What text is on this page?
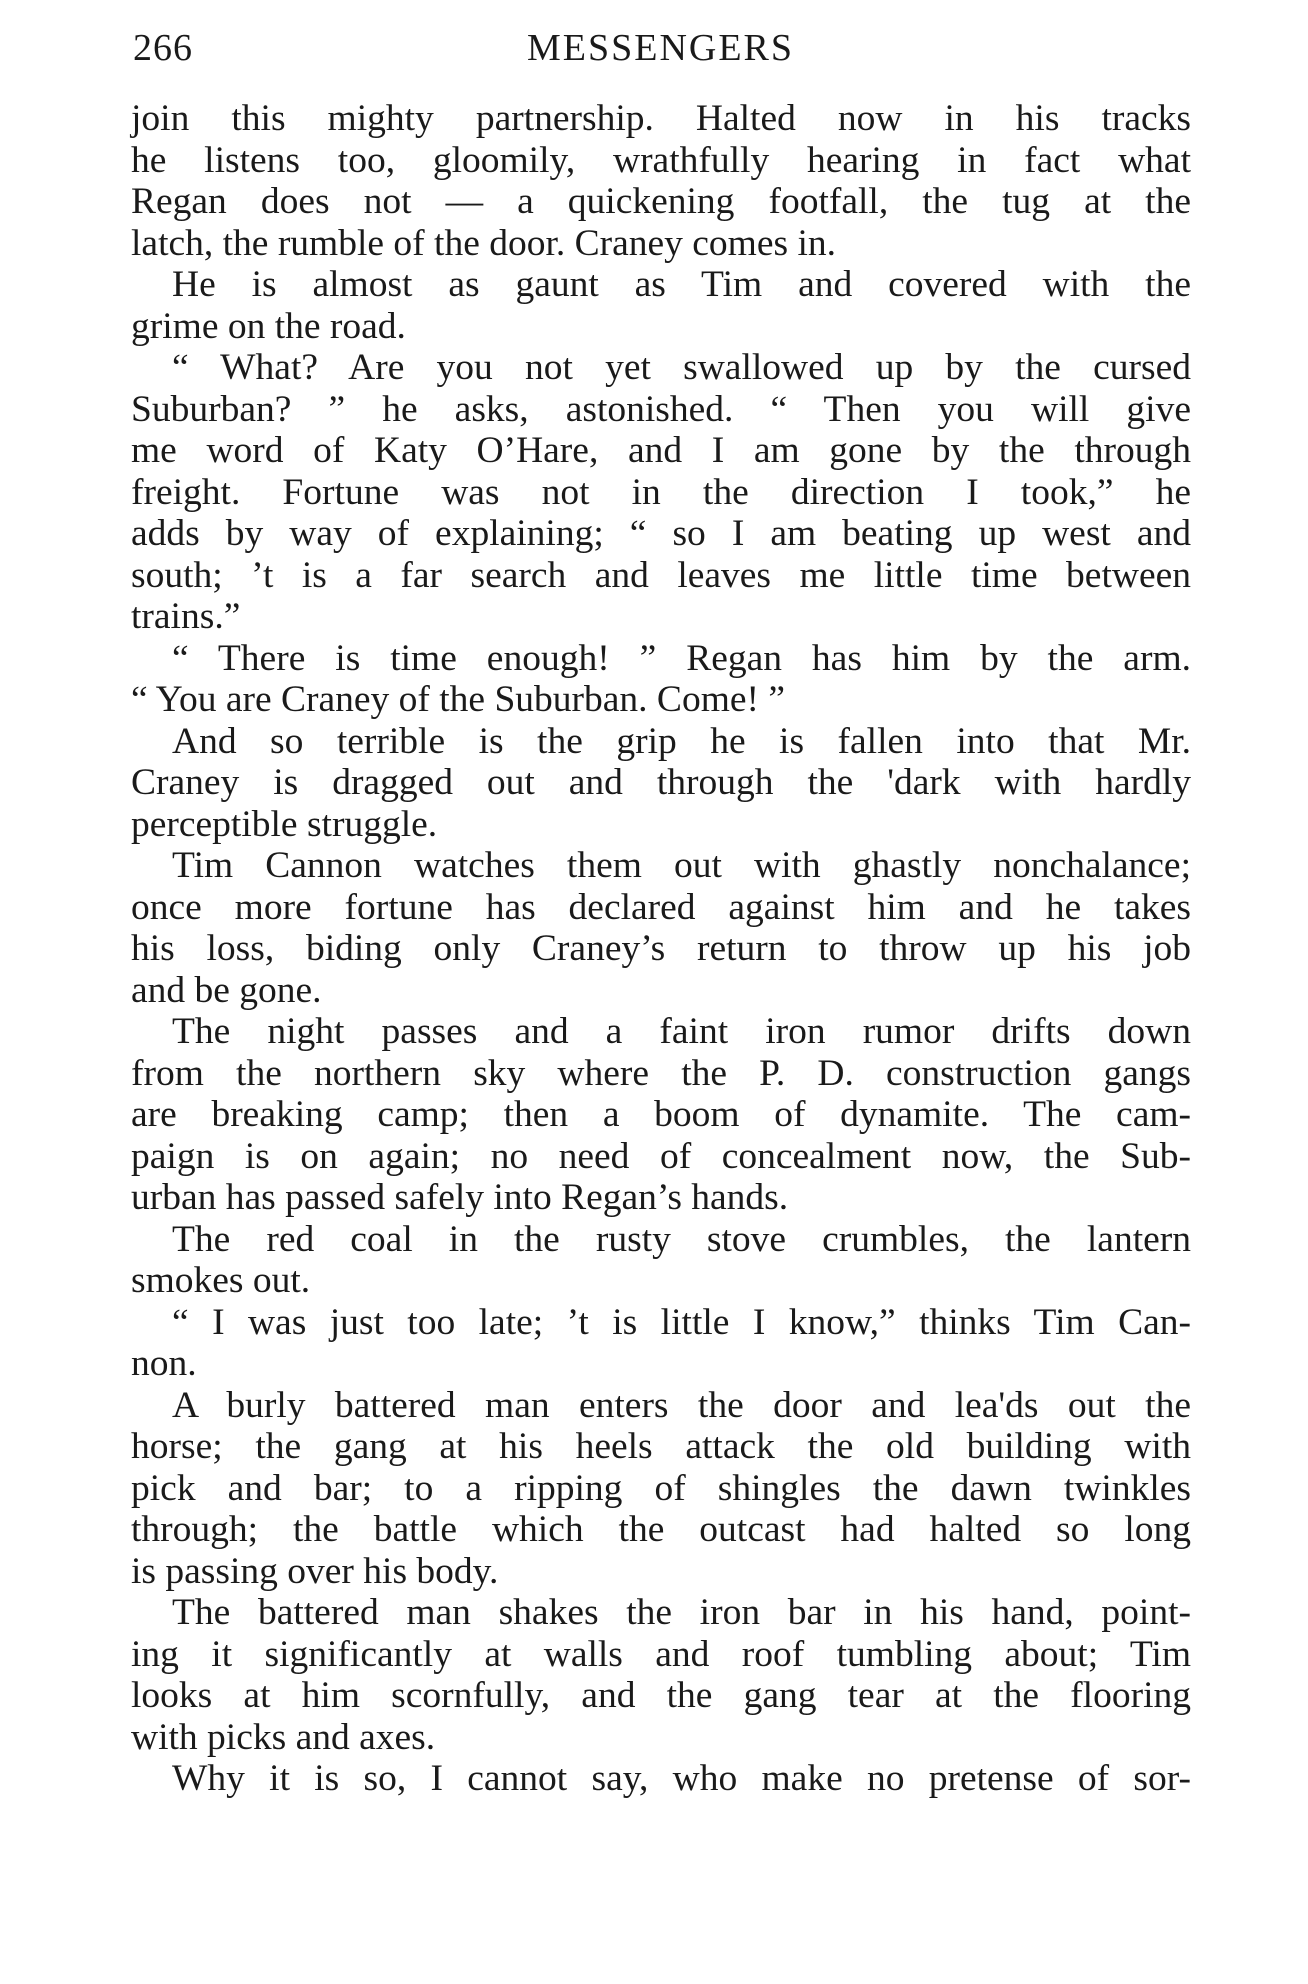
266	MESSENGERS
join this mighty partnership. Halted now in his tracks
he listens too, gloomily, wrathfully hearing in fact what
Regan does not — a quickening footfall, the tug at the
latch, the rumble of the door. Craney comes in.
He is almost as gaunt as Tim and covered with the
grime on the road.
“ What? Are you not yet swallowed up by the cursed
Suburban? ” he asks, astonished. “ Then you will give
me word of Katy O’Hare, and I am gone by the through
freight. Fortune was not in the direction I took,” he
adds by way of explaining; “ so I am beating up west and
south; ’t is a far search and leaves me little time between
trains.”
“ There is time enough! ” Regan has him by the arm.
“ You are Craney of the Suburban. Come! ”
And so terrible is the grip he is fallen into that Mr.
Craney is dragged out and through the 'dark with hardly
perceptible struggle.
Tim Cannon watches them out with ghastly nonchalance;
once more fortune has declared against him and he takes
his loss, biding only Craney’s return to throw up his job
and be gone.
The night passes and a faint iron rumor drifts down
from the northern sky where the P. D. construction gangs
are breaking camp; then a boom of dynamite. The cam-
paign is on again; no need of concealment now, the Sub-
urban has passed safely into Regan’s hands.
The red coal in the rusty stove crumbles, the lantern
smokes out.
“ I was just too late; ’t is little I know,” thinks Tim Can-
non.
A burly battered man enters the door and lea'ds out the
horse; the gang at his heels attack the old building with
pick and bar; to a ripping of shingles the dawn twinkles
through; the battle which the outcast had halted so long
is passing over his body.
The battered man shakes the iron bar in his hand, point-
ing it significantly at walls and roof tumbling about; Tim
looks at him scornfully, and the gang tear at the flooring
with picks and axes.
Why it is so, I cannot say, who make no pretense of sor-
